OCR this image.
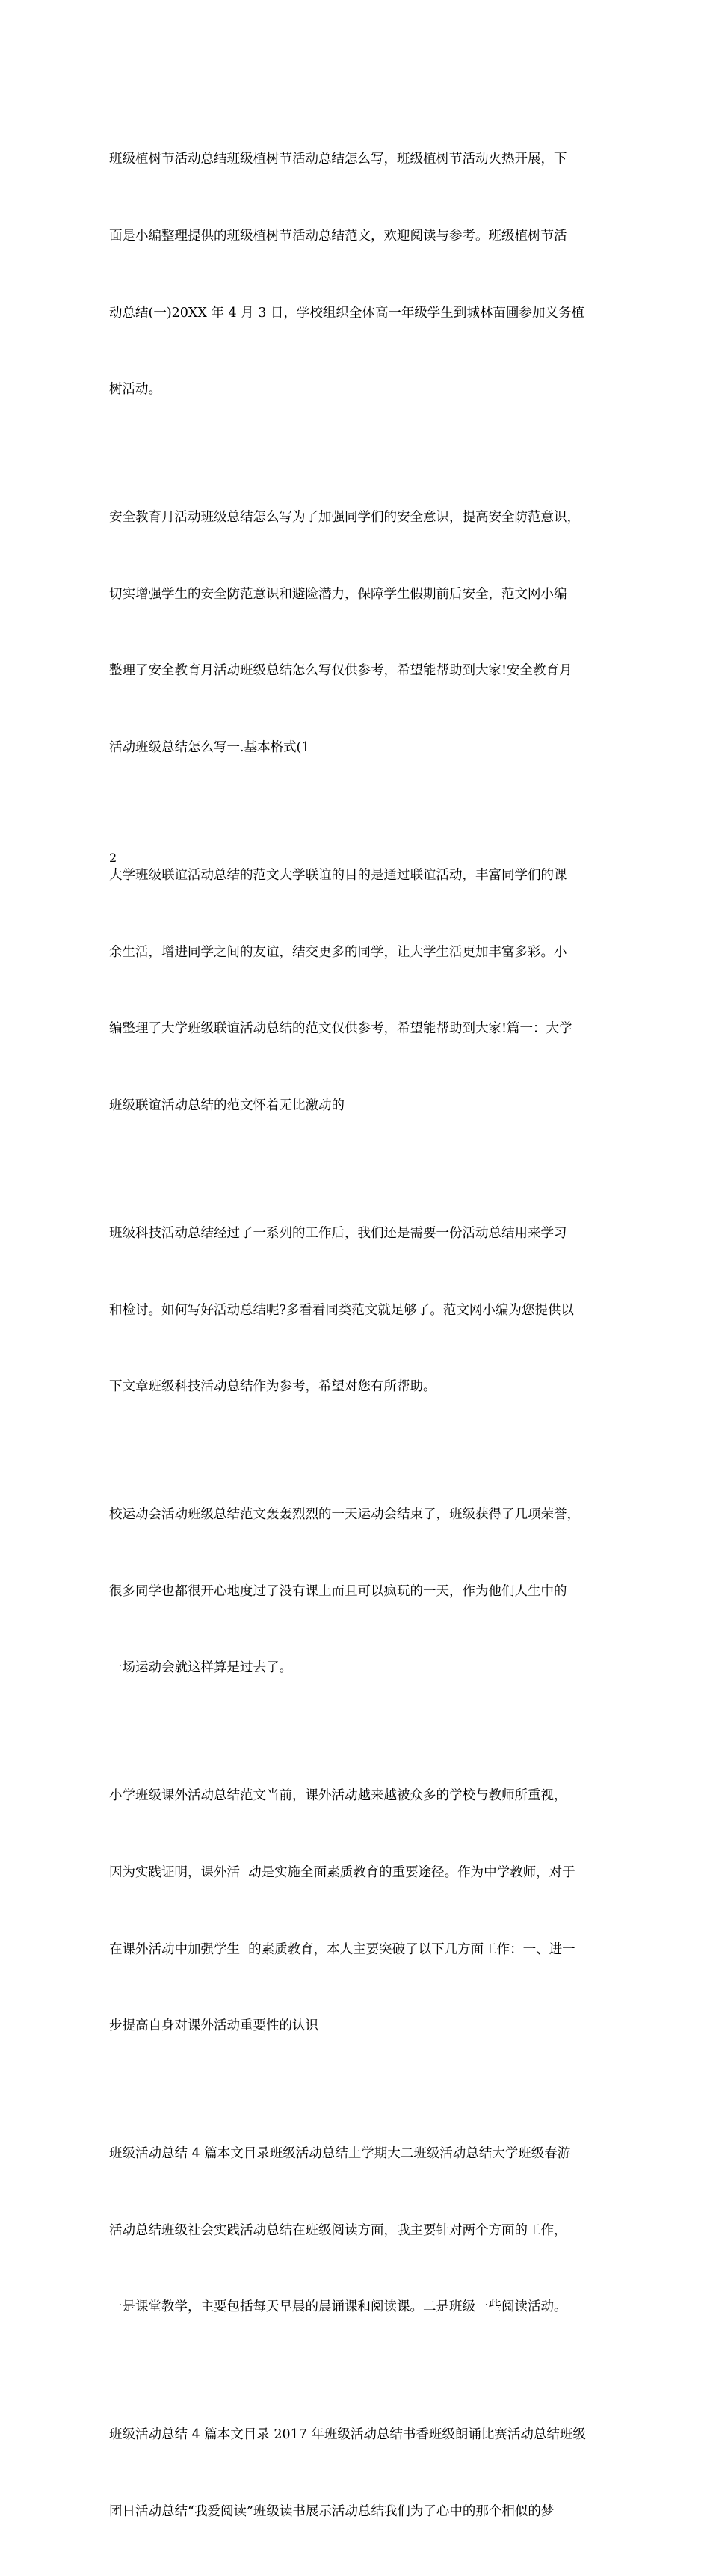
班级植树节活动总结班级植树节活动总结怎么写，班级植树节活动火热开展，下

面是小编整理提供的班级植树节活动总结范文，欢迎阅读与参考。班级植树节活

动总结(一)20XX 年 4 月 3 日，学校组织全体高一年级学生到城林苗圃参加义务植

树活动。

安全教育月活动班级总结怎么写为了加强同学们的安全意识，提高安全防范意识，

切实增强学生的安全防范意识和避险潜力，保障学生假期前后安全，范文网小编

整理了安全教育月活动班级总结怎么写仅供参考，希望能帮助到大家!安全教育月

活动班级总结怎么写一.基本格式(1

大学班级联谊活动总结的范文大学联谊的目的是通过联谊活动，丰富同学们的课

余生活，增进同学之间的友谊，结交更多的同学，让大学生活更加丰富多彩。小

编整理了大学班级联谊活动总结的范文仅供参考，希望能帮助到大家!篇一：大学

班级联谊活动总结的范文怀着无比激动的

班级科技活动总结经过了一系列的工作后，我们还是需要一份活动总结用来学习

和检讨。如何写好活动总结呢?多看看同类范文就足够了。范文网小编为您提供以

下文章班级科技活动总结作为参考，希望对您有所帮助。

校运动会活动班级总结范文轰轰烈烈的一天运动会结束了，班级获得了几项荣誉，

很多同学也都很开心地度过了没有课上而且可以疯玩的一天，作为他们人生中的

一场运动会就这样算是过去了。

小学班级课外活动总结范文当前，课外活动越来越被众多的学校与教师所重视，

因为实践证明，课外活  动是实施全面素质教育的重要途径。作为中学教师，对于

在课外活动中加强学生  的素质教育，本人主要突破了以下几方面工作：一、进一

步提高自身对课外活动重要性的认识

班级活动总结 4 篇本文目录班级活动总结上学期大二班级活动总结大学班级春游

活动总结班级社会实践活动总结在班级阅读方面，我主要针对两个方面的工作，

一是课堂教学，主要包括每天早晨的晨诵课和阅读课。二是班级一些阅读活动。

班级活动总结 4 篇本文目录 2017 年班级活动总结书香班级朗诵比赛活动总结班级

团日活动总结“我爱阅读”班级读书展示活动总结我们为了心中的那个相似的梦

2
